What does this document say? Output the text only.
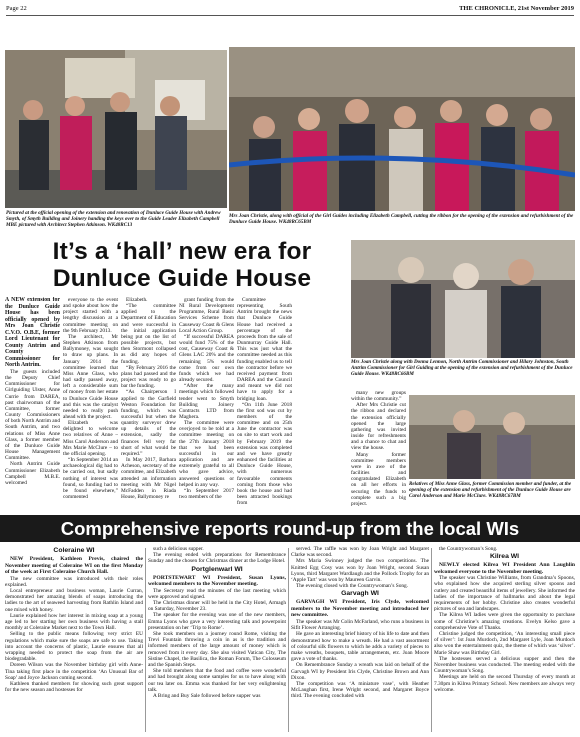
Page 22	THE CHRONICLE, 21st November 2019
Pictured at the official opening of the extension and renovation of Dunluce Guide House with Andrew Smyth, of Smyth Building and Joinery handing the keys over to the Guide Leader Elizabeth Campbell MBE pictured with Architect Stephen Atkinson. WK48RC13
Mrs Joan Christie, along with official of the Girl Guides including Elizabeth Campbell, cutting the ribbon for the opening of the extension and refurbishment of the Dunluce Guide House. WK48RC65BM
It’s a ‘hall’ new era for Dunluce Guide House

A NEW extension for the Dunluce Guide House has been officially opened by Mrs Joan Christie C.V.O. O.B.E, former Lord Lieutenant for County Antrim and County Commissioner for North Antrim.

The guests included the Deputy Chief Commissioner for Girlguiding Ulster, Anne Currie from DAREA, past chairwoman of the Committee, former County Commissioners of both North Antrim and South Antrim, and two relations of Miss Anne Glass, a former member of the Dunluce Guide House Management Committee.

North Antrim Guide Commissioner Elizabeth Campbell M.B.E. welcomed

everyone to the event and spoke about how the project started with a lengthy discussion at a committee meeting on the 9th February 2013.

The architect, Mr Stephen Atkinson from Ballymoney, was sought to draw up plans. In January 2014 the committee learned that Miss Anne Glass, who had sadly passed away, left a considerable sum of money from her estate to Dunluce Guide House and this was the catalyst needed to really push ahead with the project.

Elizabeth was delighted to welcome two relatives of Anne – Miss Carol Anderson and Mrs Marie McClure – to the official opening.

“In September 2014 an archaeological dig had to be carried out, but sadly nothing of interest was found, so funding had to be found elsewhere,” commented

Elizabeth.

“The committee applied to the Department of Education and were successful in the initial application being put on the list of possible projects, but then Stormont collapsed as did any hopes of funding.

“By February 2016 the plans had passed and the project was ready to go bar the funding.

“As Chairperson I applied to the Garfield Weston Foundation for funding, which was successful but when the quantity surveyor drew up details of the extension, sadly the finances fell very far short of what would be required.”

In May 2017, Barbara Acheson, secretary of the committee, and Elizabeth attended an information meeting with Mr Nigel McFadden in Riada House, Ballymoney re

grant funding from the NI Rural Development Programme, Rural Basic Services Scheme from Causeway Coast & Glens Local Action Group.

“If successful DAREA would fund 75% of the cost, Causeway Coast & Glens LAC 20% and the remaining 5% would come from our own funds which we had already secured.

“After the many meetings which followed tender went to Smyth Building Joinery Contracts LTD from Maghera.

The committee were overjoyed to be told at a committee meeting on the 27th January 2018 that we had been successful in our application and are extremely grateful to all who gave advice, answered questions or helped in any way.

“In September 2017 two members of the

Committee representing South Antrim brought the news that Dunluce Guide House had received a percentage of the proceeds from the sale of Dunmurray Guide Hall. This was just what the committee needed as this funding enabled us to tell the contractor before we received payment from DAREA and the Council and meant we did not have to apply for a bridging loan.

“On 11th June 2018 the first sod was cut by members of the committee and on 25th June the contractor was on site to start work and by February 2019 the extension was completed and we have greatly enhanced the facilities at Dunluce Guide House, with numerous favourable comments coming from those who book the house and had been attracted bookings from

many new groups within the community.”

After Mrs Christie cut the ribbon and declared the extension officially opened the large gathering was invited inside for refreshments and a chance to chat and view the house.

Many former committee members were in awe of the facilities and congratulated Elizabeth on all her efforts in securing the funds to complete such a big project.

Mrs Joan Christie along with Donna Lennon, North Antrim Commissioner and Hilary Johnston, South Antrim Commissioner for Girl Guiding at the opening of the extension and refurbishment of the Dunluce Guide House. WK48RC66BM
Relatives of Miss Anne Glass, former Commission member and funder, at the opening of the extension and refurbishment of the Dunluce Guide House are Carol Anderson and Marie McClure. WK48RC67BM
Comprehensive reports round-up from the local WIs
Coleraine WI

NEW President, Kathleen Previs, chaired the November meeting of Coleraine WI on the first Monday of the week at First Coleraine Church Hall.

The new committee was introduced with their roles explained.

Local entrepreneur and business woman, Laurie Curran, demonstrated her amazing blends of soaps introducing the ladies to the art of seaweed harvesting from Rathlin Island and one mixed with honey.

Laurie explained how her interest in mixing soap at a young age led to her starting her own business with having a stall monthly at Coleraine Market next to the Town Hall.

Selling to the public means following very strict EU regulations which make sure the soaps are safe to use. Taking into account the concerns of plastic, Laurie ensures that all wrapping needed to protect the soap from the air are biodegradable.

Doreen Wilson was the November birthday girl with Anne-Tina taking first place in the competition ‘An Unusual Bar of Soap’ and Joyce Jackson coming second.

Kathleen thanked members for showing such great support for the new season and hostesses for

such a delicious supper.

The evening ended with preparations for Remembrance Sunday and the chosen for Christmas dinner at the Lodge Hotel.

Portglenwarl WI

PORTSTEWART WI President, Susan Lyons, welcomed members to the November meeting.

The Secretary read the minutes of the last meeting which were approved and signed.

The Christmas dinner will be held in the City Hotel, Armagh on Saturday, November 23.

The speaker for the evening was one of the new members, Emma Lyons who gave a very interesting talk and powerpoint presentation on her ‘Trip to Rome’.

She took members on a journey round Rome, visiting the Trevi Fountain throwing a coin in as is the tradition and informed members of the large amount of money which is removed from it every day. She also visited Vatican City, The Sistine Chapel, the Basilica, the Roman Forum, The Colosseum and the Spanish Steps.

She told members that the food and coffee were wonderful and had brought along some samples for us to have along with our tea later on. Emma was thanked for her very enlightening talk.

A Bring and Buy Sale followed before supper was

served. The raffle was won by Joan Wright and Margaret Clarke was second.

Mrs Maria Swinney judged the two competitions. The Knitted Egg Cosy was won by Joan Wright, second Susan Lyons, third Margaret Wardlaugh and the Pollock Trophy for an ‘Apple Tart’ was won by Maureen Garvin.

The evening closed with the Countrywoman’s Song.

Garvagh WI

GARVAGH WI President, Iris Clyde, welcomed members to the November meeting and introduced her new committee.

The speaker was Mr Colin McFarland, who runs a business in Sifit Flower Arranging.

He gave an interesting brief history of his life to date and then demonstrated how to make a wreath. He had a vast assortment of colourful silk flowers to which he adds a variety of pieces to make wreaths, bouquets, table arrangements, etc. Joan Moore gave a vote of thanks.

On Remembrance Sunday a wreath was laid on behalf of the Garvagh WI by President Iris Clyde, Christine Brown and Ann Dixon.

The competition was ‘A miniature vase’, with Heather McLaughan first, Irene Wright second, and Margaret Boyce third. The evening concluded with

the Countrywoman’s Song.

Kilrea WI

NEWLY elected Kilrea WI President Ann Laughlin welcomed everyone to the November meeting.

The speaker was Christine Williams, from Grandma’s Spoons, who explained how she acquired sterling silver spoons and cutlery and created beautiful items of jewellery. She informed the ladies of the importance of hallmarks and about the legal requirements of her hobby. Christine also creates wonderful pictures of sea and landscapes.

The Kilrea WI ladies were given the opportunity to purchase some of Christine’s amazing creations. Evelyn Kelso gave a comprehensive Vote of Thanks.

Christine judged the competition, ‘An interesting small piece of silver’: 1st Joan Murdoch, 2nd Margaret Lyle, Joan Murdoch also won the entertainment quiz, the theme of which was ‘silver’. Marie Shaw was Birthday Girl.

The hostesses served a delicious supper and then the November business was conducted. The meeting ended with the Countrywoman’s Song.

Meetings are held on the second Thursday of every month at 7.30pm in Kilrea Primary School. New members are always very welcome.
